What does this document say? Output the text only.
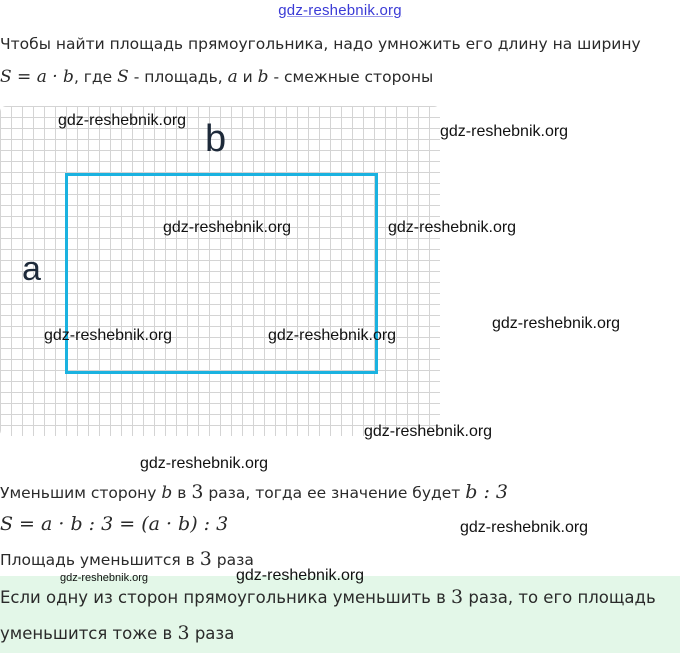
gdz-reshebnik.org
Чтобы найти площадь прямоугольника, надо умножить его длину на ширину
S = a · b, где S - площадь, a и b - смежные стороны
b
a
gdz-reshebnik.org
gdz-reshebnik.org
gdz-reshebnik.org	gdz-reshebnik.org
gdz-reshebnik.org
gdz-reshebnik.org	gdz-reshebnik.org
gdz-reshebnik.org
gdz-reshebnik.org
gdz-reshebnik.org
gdz-reshebnik.org
gdz-reshebnik.org
Уменьшим сторону b в 3 раза, тогда ее значение будет b : 3
S = a · b : 3 = (a · b) : 3
Площадь уменьшится в 3 раза
Если одну из сторон прямоугольника уменьшить в 3 раза, то его площадь
уменьшится тоже в 3 раза
